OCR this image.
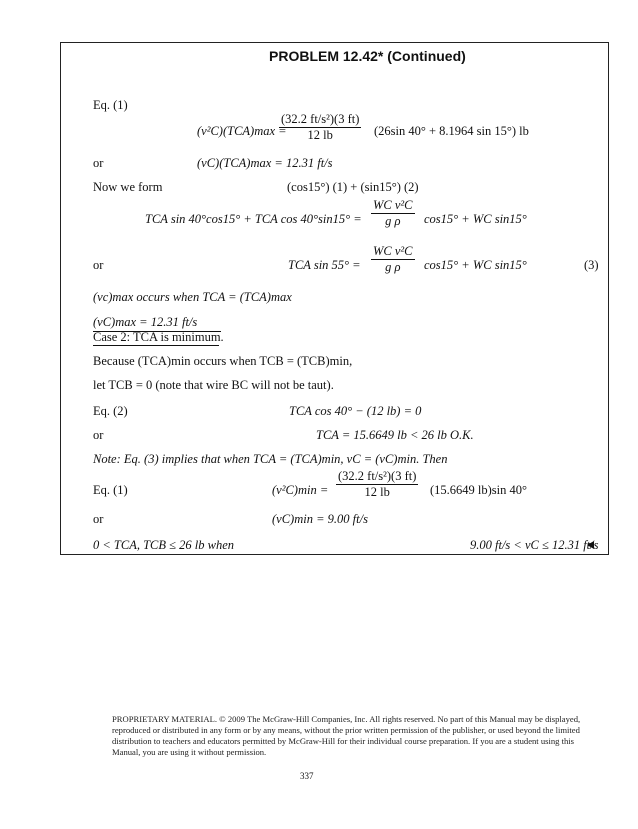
PROBLEM 12.42* (Continued)
Eq. (1)
(v²C)(TCA)max =
$\frac{\text{(32.2 ft/s²)(3 ft)}}{12 lb} (26\sin$ 40° + 8.1964 sin 15°) lb
or	(vC)(TCA)max = 12.31 ft/s
Now we form	(cos15°) (1) + (sin15°) (2)
TCA sin 40°cos15° + TCA $\cos 40^\circ\sin 15^\circ = \frac{\text{WC v²C}}{\text{g ρ}} \cos 15^\circ$ + WC sin15°
or	TCA $\sin 55^\circ = \frac{\text{WC v²C}}{\text{g ρ}} \cos 15^\circ$ + WC sin15°	(3)
(vc)max occurs when TCA = (TCA)max
(vC)max = 12.31 ft/s
Case 2: TCA is minimum.
Because (TCA)min occurs when TCB = (TCB)min,
let TCB = 0 (note that wire BC will not be taut).
Eq. (2)	TCA cos 40° − (12 lb) = 0
or	TCA = 15.6649 lb < 26 lb O.K.
Note: Eq. (3) implies that when TCA = (TCA)min, vC = (vC)min. Then
Eq. (1)	$(v^2C)\min = \frac{\text{(32.2 ft/s²)(3 ft)}}{12 lb} (15.6649$ lb)sin 40°
or	(vC)min = 9.00 ft/s
0 < TCA, TCB ≤ 26 lb when	9.00 ft/s < vC ≤ 12.31 ft/s
PROPRIETARY MATERIAL. © 2009 The McGraw-Hill Companies, Inc. All rights reserved. No part of this Manual may be displayed, reproduced or distributed in any form or by any means, without the prior written permission of the publisher, or used beyond the limited distribution to teachers and educators permitted by McGraw-Hill for their individual course preparation. If you are a student using this Manual, you are using it without permission.
337
